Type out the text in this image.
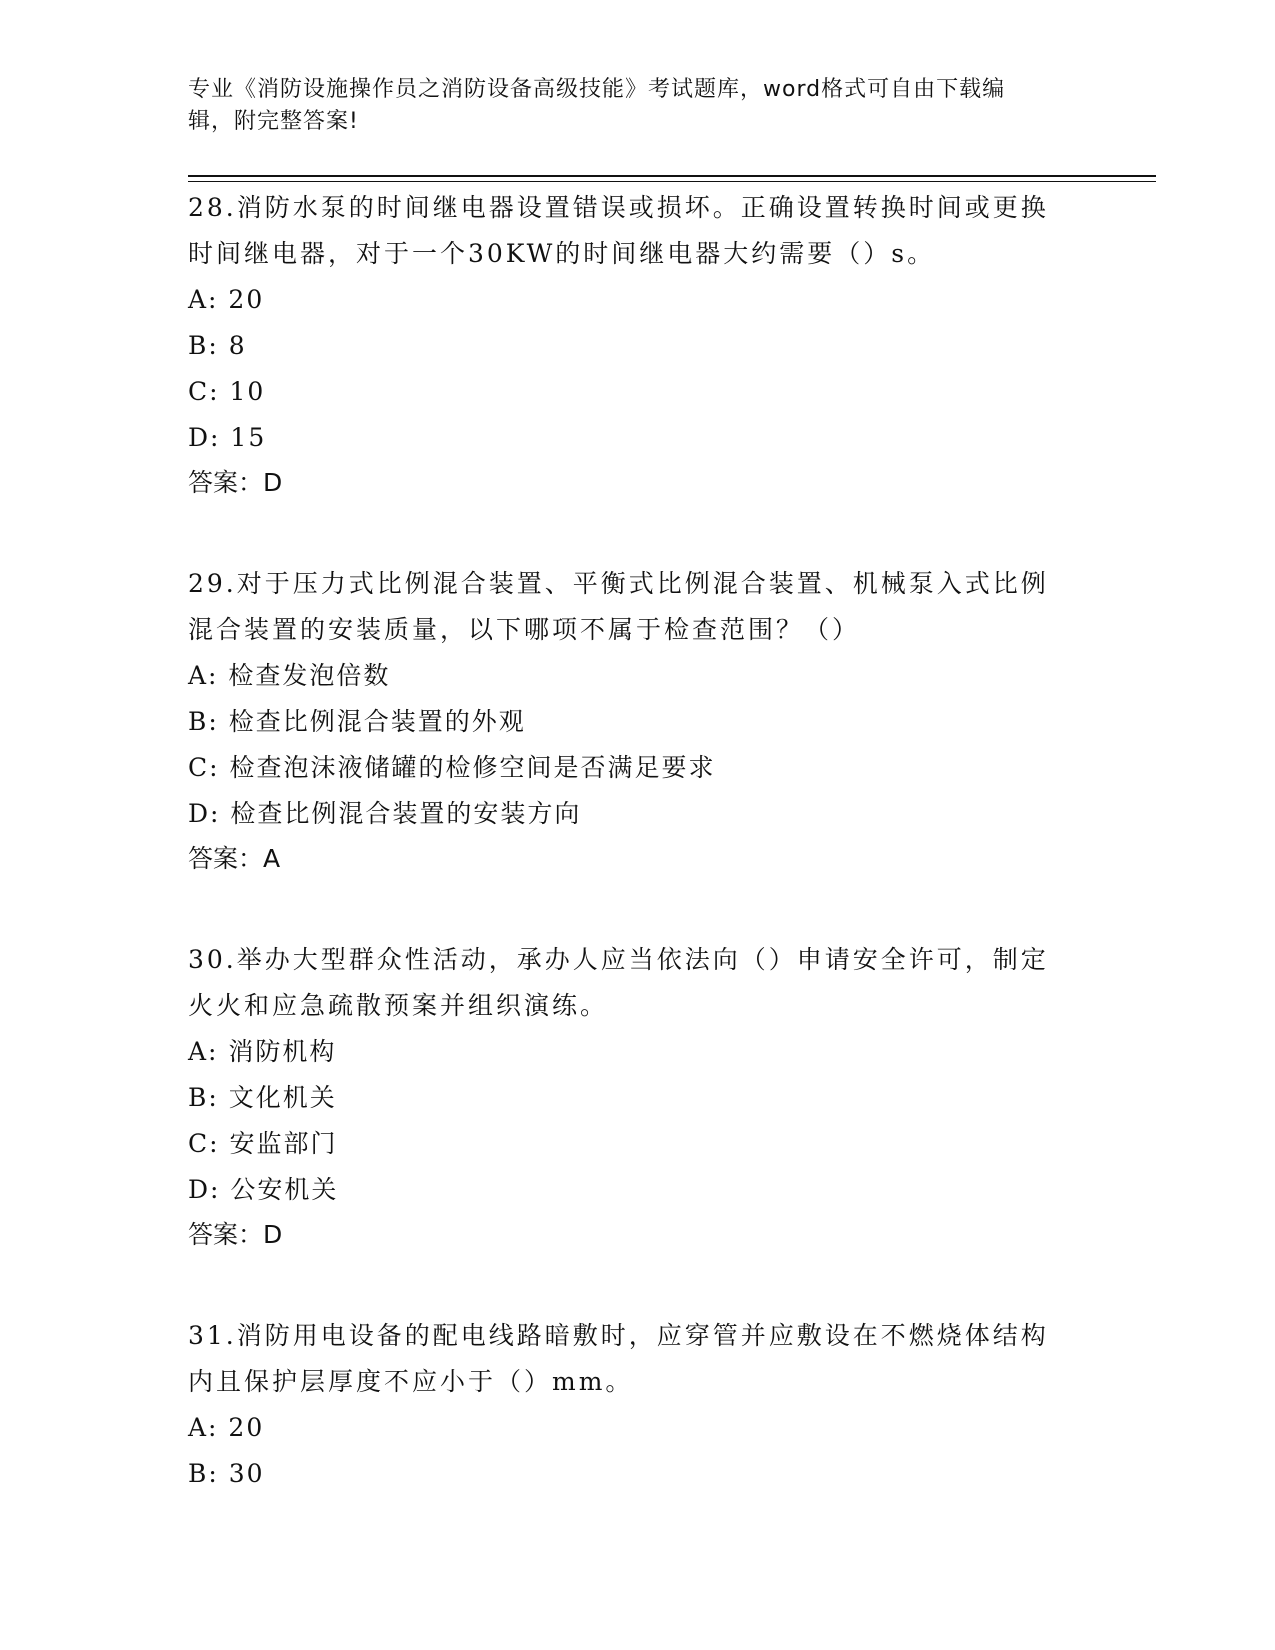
专业《消防设施操作员之消防设备高级技能》考试题库，word格式可自由下载编
辑，附完整答案!

28.消防水泵的时间继电器设置错误或损坏。正确设置转换时间或更换

时间继电器，对于一个30KW的时间继电器大约需要（）s。

A: 20

B: 8

C: 10

D: 15

答案：D

29.对于压力式比例混合装置、平衡式比例混合装置、机械泵入式比例

混合装置的安装质量，以下哪项不属于检查范围？（）

A: 检查发泡倍数

B: 检查比例混合装置的外观

C: 检查泡沫液储罐的检修空间是否满足要求

D: 检查比例混合装置的安装方向

答案：A

30.举办大型群众性活动，承办人应当依法向（）申请安全许可，制定

火火和应急疏散预案并组织演练。

A: 消防机构

B: 文化机关

C: 安监部门

D: 公安机关

答案：D

31.消防用电设备的配电线路暗敷时，应穿管并应敷设在不燃烧体结构

内且保护层厚度不应小于（）mm。

A: 20

B: 30
